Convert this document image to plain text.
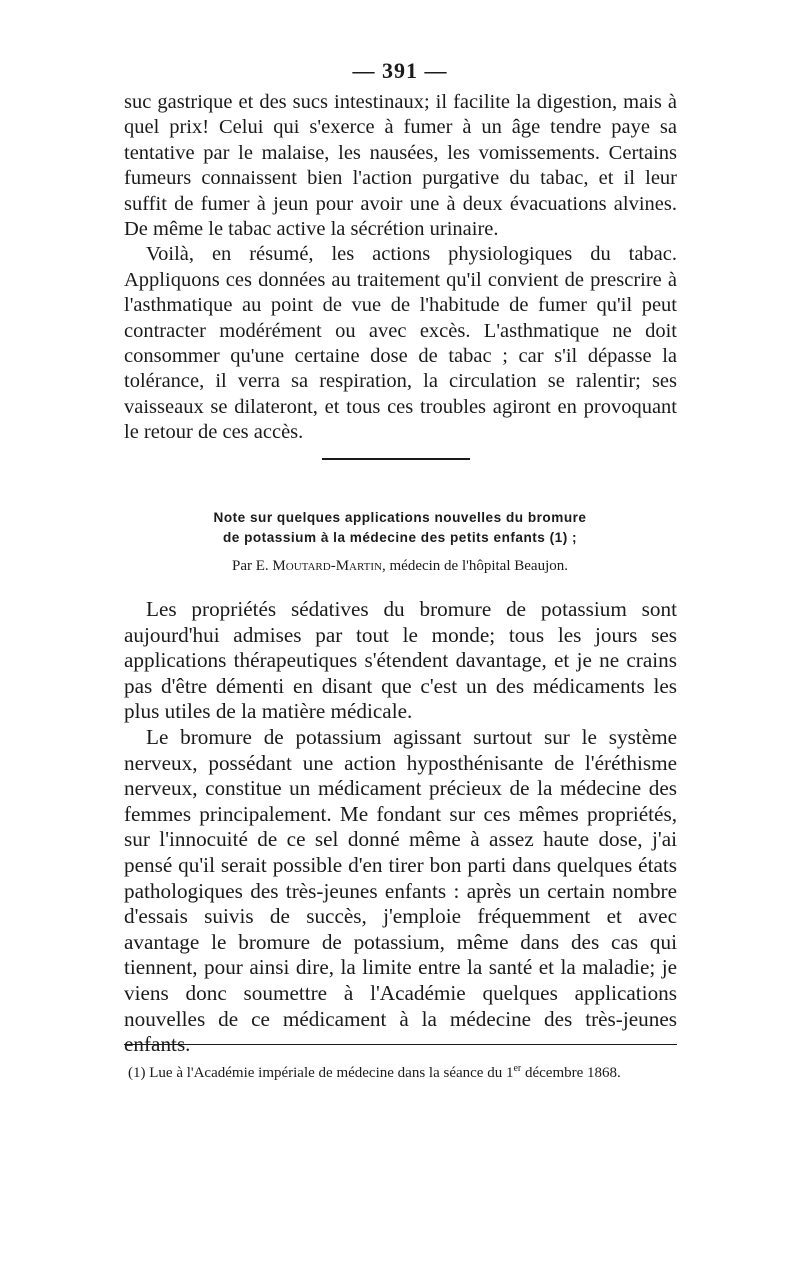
— 391 —

suc gastrique et des sucs intestinaux; il facilite la digestion, mais à quel prix! Celui qui s'exerce à fumer à un âge tendre paye sa tentative par le malaise, les nausées, les vomissements. Certains fumeurs connaissent bien l'action purgative du tabac, et il leur suffit de fumer à jeun pour avoir une à deux évacuations alvines. De même le tabac active la sécrétion urinaire.

Voilà, en résumé, les actions physiologiques du tabac. Appliquons ces données au traitement qu'il convient de prescrire à l'asthmatique au point de vue de l'habitude de fumer qu'il peut contracter modérément ou avec excès. L'asthmatique ne doit consommer qu'une certaine dose de tabac ; car s'il dépasse la tolérance, il verra sa respiration, la circulation se ralentir; ses vaisseaux se dilateront, et tous ces troubles agiront en provoquant le retour de ces accès.

Note sur quelques applications nouvelles du bromure
de potassium à la médecine des petits enfants (1) ;
Par E. Moutard-Martin, médecin de l'hôpital Beaujon.

Les propriétés sédatives du bromure de potassium sont aujourd'hui admises par tout le monde; tous les jours ses applications thérapeutiques s'étendent davantage, et je ne crains pas d'être démenti en disant que c'est un des médicaments les plus utiles de la matière médicale.

Le bromure de potassium agissant surtout sur le système nerveux, possédant une action hyposthénisante de l'éréthisme nerveux, constitue un médicament précieux de la médecine des femmes principalement. Me fondant sur ces mêmes propriétés, sur l'innocuité de ce sel donné même à assez haute dose, j'ai pensé qu'il serait possible d'en tirer bon parti dans quelques états pathologiques des très-jeunes enfants : après un certain nombre d'essais suivis de succès, j'emploie fréquemment et avec avantage le bromure de potassium, même dans des cas qui tiennent, pour ainsi dire, la limite entre la santé et la maladie; je viens donc soumettre à l'Académie quelques applications nouvelles de ce médicament à la médecine des très-jeunes enfants.

(1) Lue à l'Académie impériale de médecine dans la séance du 1er décembre 1868.
